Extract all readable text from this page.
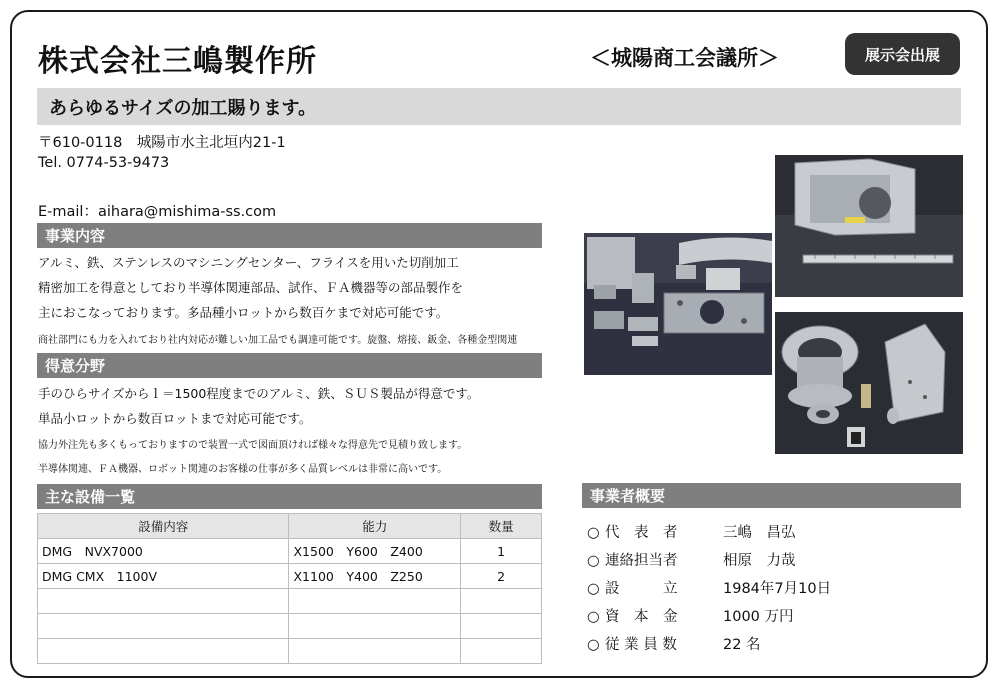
株式会社三嶋製作所	＜城陽商工会議所＞	展示会出展
あらゆるサイズの加工賜ります。
〒610-0118　城陽市水主北垣内21-1
Tel. 0774-53-9473
E-mail：aihara@mishima-ss.com
事業内容
アルミ、鉄、ステンレスのマシニングセンター、フライスを用いた切削加工
精密加工を得意としており半導体関連部品、試作、ＦＡ機器等の部品製作を
主におこなっております。多品種小ロットから数百ケまで対応可能です。
商社部門にも力を入れており社内対応が難しい加工品でも調達可能です。旋盤、熔接、鈑金、各種金型関連
得意分野
手のひらサイズからｌ＝1500程度までのアルミ、鉄、ＳＵＳ製品が得意です。
単品小ロットから数百ロットまで対応可能です。
協力外注先も多くもっておりますので装置一式で図面頂ければ様々な得意先で見積り致します。
半導体関連、ＦＡ機器、ロボット関連のお客様の仕事が多く品質レベルは非常に高いです。
主な設備一覧
設備内容	能力	数量
DMG　NVX7000	X1500　Y600　Z400	1
DMG CMX　1100V	X1100　Y400　Z250	2

事業者概要
○ 代　表　者	三嶋　昌弘
○ 連絡担当者	相原　力哉
○ 設　　　立	1984年7月10日
○ 資　本　金	1000 万円
○ 従 業 員 数	22 名
